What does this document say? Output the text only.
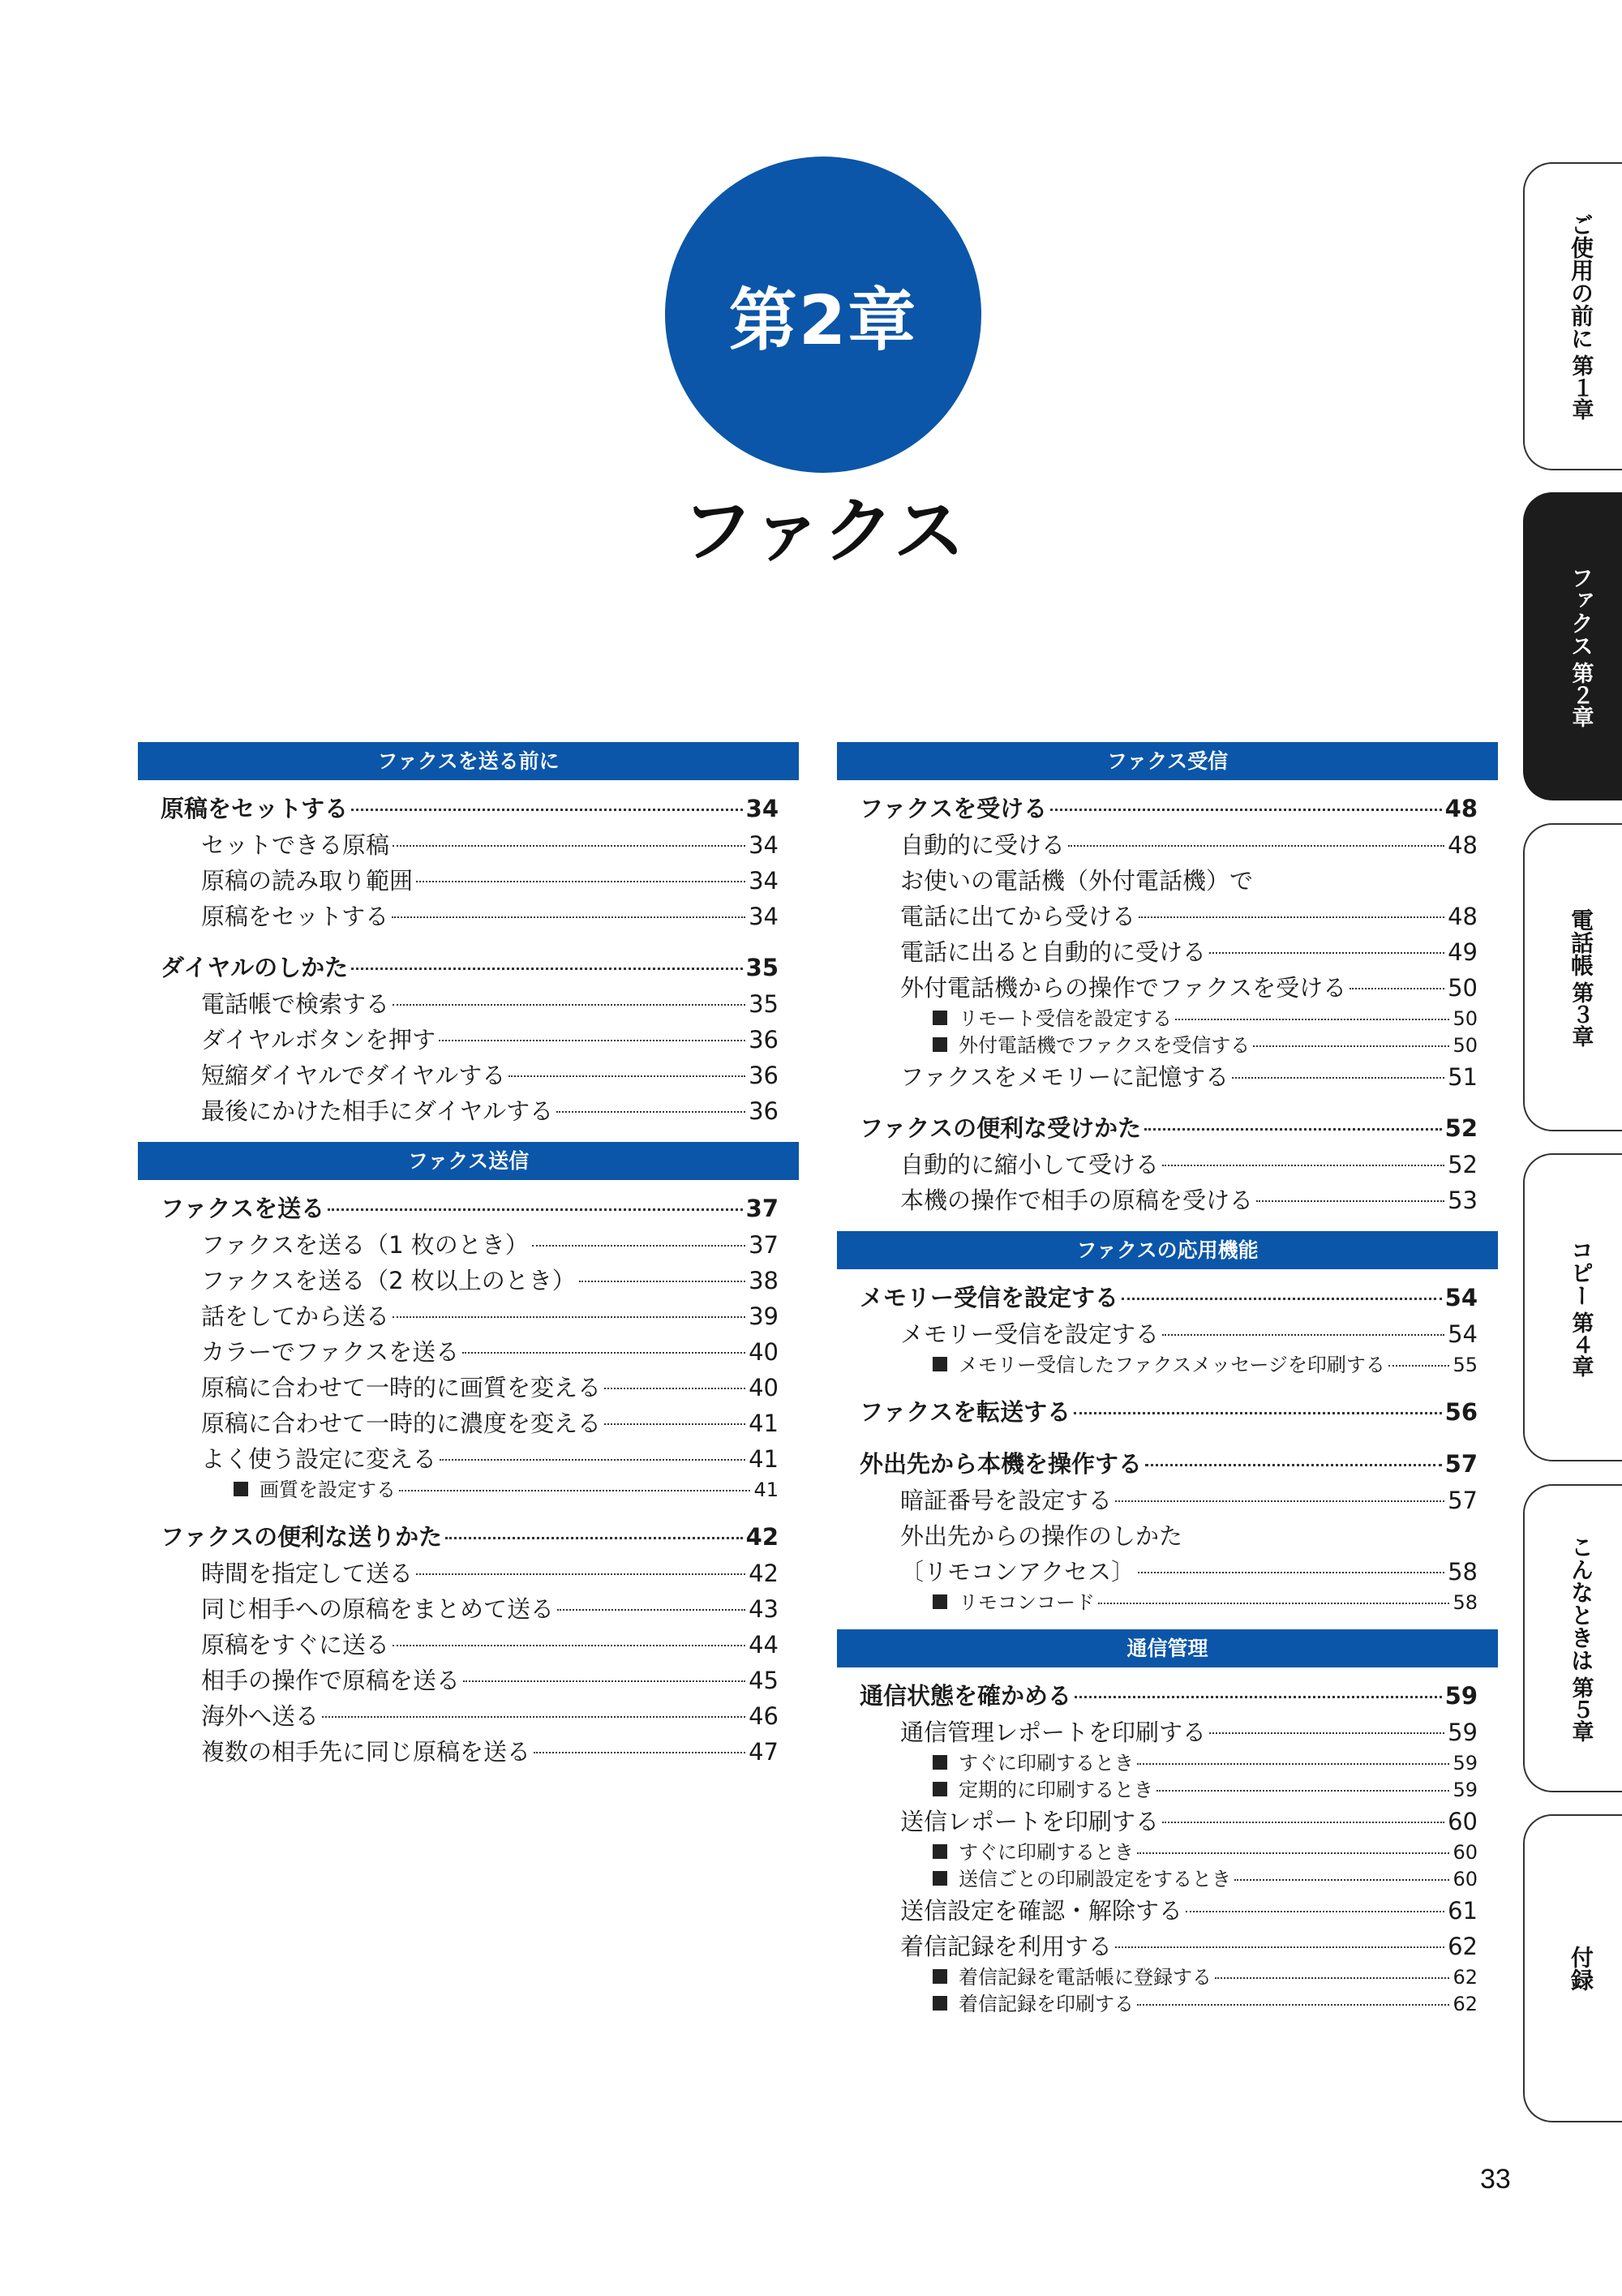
第2章
ファクス
ファクスを送る前に
原稿をセットする	34
セットできる原稿	34
原稿の読み取り範囲	34
原稿をセットする	34
ダイヤルのしかた	35
電話帳で検索する	35
ダイヤルボタンを押す	36
短縮ダイヤルでダイヤルする	36
最後にかけた相手にダイヤルする	36
ファクス送信
ファクスを送る	37
ファクスを送る（1 枚のとき）	37
ファクスを送る（2 枚以上のとき）	38
話をしてから送る	39
カラーでファクスを送る	40
原稿に合わせて一時的に画質を変える	40
原稿に合わせて一時的に濃度を変える	41
よく使う設定に変える	41
画質を設定する	41
ファクスの便利な送りかた	42
時間を指定して送る	42
同じ相手への原稿をまとめて送る	43
原稿をすぐに送る	44
相手の操作で原稿を送る	45
海外へ送る	46
複数の相手先に同じ原稿を送る	47
ファクス受信
ファクスを受ける	48
自動的に受ける	48
お使いの電話機（外付電話機）で
電話に出てから受ける	48
電話に出ると自動的に受ける	49
外付電話機からの操作でファクスを受ける	50
リモート受信を設定する	50
外付電話機でファクスを受信する	50
ファクスをメモリーに記憶する	51
ファクスの便利な受けかた	52
自動的に縮小して受ける	52
本機の操作で相手の原稿を受ける	53
ファクスの応用機能
メモリー受信を設定する	54
メモリー受信を設定する	54
メモリー受信したファクスメッセージを印刷する	55
ファクスを転送する	56
外出先から本機を操作する	57
暗証番号を設定する	57
外出先からの操作のしかた
〔リモコンアクセス〕	58
リモコンコード	58
通信管理
通信状態を確かめる	59
通信管理レポートを印刷する	59
すぐに印刷するとき	59
定期的に印刷するとき	59
送信レポートを印刷する	60
すぐに印刷するとき	60
送信ごとの印刷設定をするとき	60
送信設定を確認・解除する	61
着信記録を利用する	62
着信記録を電話帳に登録する	62
着信記録を印刷する	62
第１章
ご使用の前に
第２章
ファクス
第３章
電話帳
第４章
コピー
第５章
こんなときは
付録
33
